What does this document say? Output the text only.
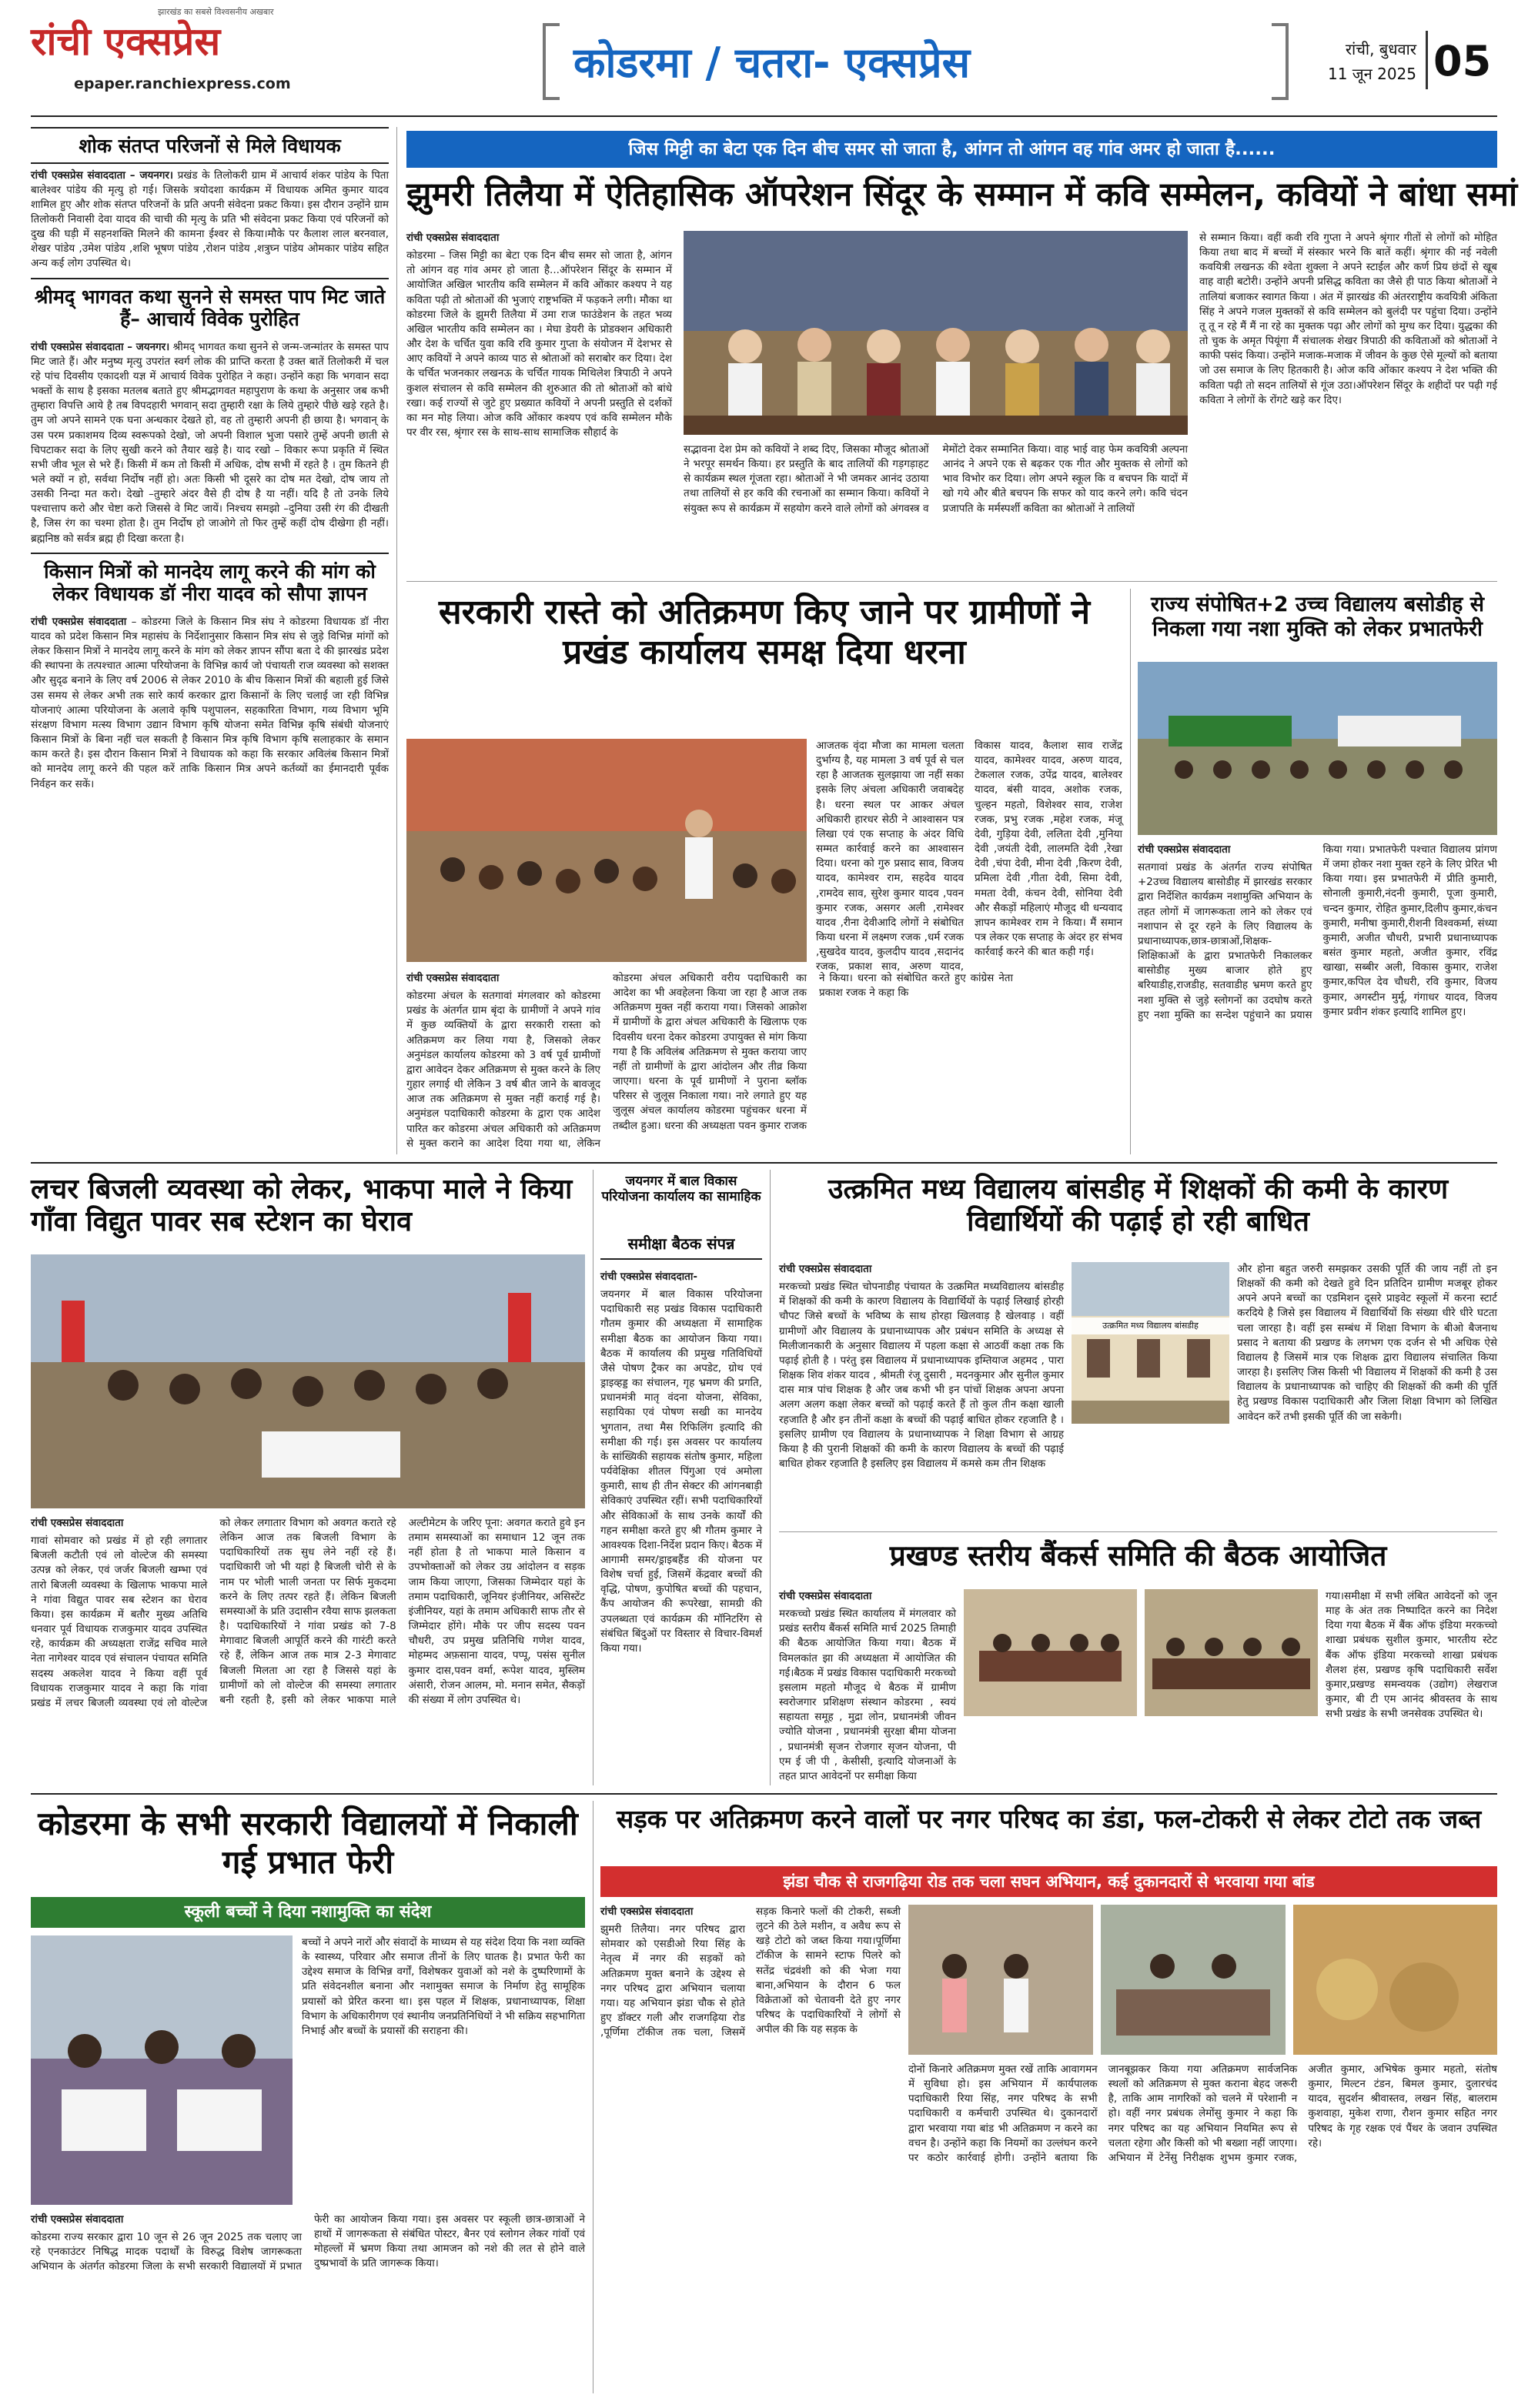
रांची एक्सप्रेस
झारखंड का सबसे विश्वसनीय अखबार
epaper.ranchiexpress.com	कोडरमा / चतरा- एक्सप्रेस	रांची, बुधवार
11 जून 2025 05
शोक संतप्त परिजनों से मिले विधायक
रांची एक्सप्रेस संवाददाता – जयनगर। प्रखंड के तिलोकरी ग्राम में आचार्य शंकर पांडेय के पिता बालेश्वर पांडेय की मृत्यु हो गई। जिसके त्रयोदशा कार्यक्रम में विधायक अमित कुमार यादव शामिल हुए और शोक संतप्त परिजनों के प्रति अपनी संवेदना प्रकट किया। इस दौरान उन्होंने ग्राम तिलोकरी निवासी देवा यादव की चाची की मृत्यु के प्रति भी संवेदना प्रकट किया एवं परिजनों को दुख की घड़ी में सहनशक्ति मिलने की कामना ईश्वर से किया।मौके पर कैलाश लाल बरनवाल, शेखर पांडेय ,उमेश पांडेय ,शशि भूषण पांडेय ,रोशन पांडेय ,शत्रुघ्न पांडेय ओमकार पांडेय सहित अन्य कई लोग उपस्थित थे।
श्रीमद् भागवत कथा सुनने से समस्त पाप मिट जाते हैं– आचार्य विवेक पुरोहित
रांची एक्सप्रेस संवाददाता – जयनगर। श्रीमद् भागवत कथा सुनने से जन्म-जन्मांतर के समस्त पाप मिट जाते हैं। और मनुष्य मृत्यु उपरांत स्वर्ग लोक की प्राप्ति करता है उक्त बातें तिलोकरी में चल रहे पांच दिवसीय एकादशी यज्ञ में आचार्य विवेक पुरोहित ने कहा। उन्होंने कहा कि भगवान सदा भक्तों के साथ है इसका मतलब बताते हुए श्रीमद्भागवत महापुराण के कथा के अनुसार जब कभी तुम्हारा विपत्ति आये है तब विपदहारी भगवान् सदा तुम्हारी रक्षा के लिये तुम्हारे पीछे खड़े रहते है। तुम जो अपने सामने एक घना अन्धकार देखते हो, वह तो तुम्हारी अपनी ही छाया है। भगवान् के उस परम प्रकाशमय दिव्य स्वरूपको देखो, जो अपनी विशाल भुजा पसारे तुम्हें अपनी छाती से चिपटाकर सदा के लिए सुखी करने को तैयार खड़े है। याद रखो – विकार रूपा प्रकृति में स्थित सभी जीव भूल से भरे हैं। किसी में कम तो किसी में अधिक, दोष सभी में रहते है । तुम कितने ही भले क्यों न हो, सर्वथा निर्दोष नहीं हो। अतः किसी भी दूसरे का दोष मत देखो, दोष जाय तो उसकी निन्दा मत करो। देखो –तुम्हारे अंदर वैसे ही दोष है या नहीं। यदि है तो उनके लिये पश्चात्ताप करो और चेष्टा करो जिससे वे मिट जायें। निश्चय समझो –दुनिया उसी रंग की दीखती है, जिस रंग का चश्मा होता है। तुम निर्दोष हो जाओगे तो फिर तुम्हें कहीं दोष दीखेगा ही नहीं। ब्रह्मनिष्ठ को सर्वत्र ब्रह्म ही दिखा करता है।
किसान मित्रों को मानदेय लागू करने की मांग को लेकर विधायक डॉ नीरा यादव को सौपा ज्ञापन
रांची एक्सप्रेस संवाददाता – कोडरमा जिले के किसान मित्र संघ ने कोडरमा विधायक डॉ नीरा यादव को प्रदेश किसान मित्र महासंघ के निर्देशानुसार किसान मित्र संघ से जुड़े विभिन्न मांगों को लेकर किसान मित्रों ने मानदेय लागू करने के मांग को लेकर ज्ञापन सौंपा बता दे की झारखंड प्रदेश की स्थापना के तत्पश्चात आत्मा परियोजना के विभिन्न कार्य जो पंचायती राज व्यवस्था को सशक्त और सुदृढ बनाने के लिए वर्ष 2006 से लेकर 2010 के बीच किसान मित्रों की बहाली हुई जिसे उस समय से लेकर अभी तक सारे कार्य करकार द्वारा किसानों के लिए चलाई जा रही विभिन्न योजनाएं आत्मा परियोजना के अलावे कृषि पशुपालन, सहकारिता विभाग, गव्य विभाग भूमि संरक्षण विभाग मत्स्य विभाग उद्यान विभाग कृषि योजना समेत विभिन्न कृषि संबंधी योजनाएं किसान मित्रों के बिना नहीं चल सकती है किसान मित्र कृषि विभाग कृषि सलाहकार के समान काम करते है। इस दौरान किसान मित्रों ने विधायक को कहा कि सरकार अविलंब किसान मित्रों को मानदेय लागू करने की पहल करें ताकि किसान मित्र अपने कर्तव्यों का ईमानदारी पूर्वक निर्वहन कर सकें।
जिस मिट्टी का बेटा एक दिन बीच समर सो जाता है, आंगन तो आंगन वह गांव अमर हो जाता है......
झुमरी तिलैया में ऐतिहासिक ऑपरेशन सिंदूर के सम्मान में कवि सम्मेलन, कवियों ने बांधा समां
रांची एक्सप्रेस संवाददाता
कोडरमा – जिस मिट्टी का बेटा एक दिन बीच समर सो जाता है, आंगन तो आंगन वह गांव अमर हो जाता है...ऑपरेशन सिंदूर के सम्मान में आयोजित अखिल भारतीय कवि सम्मेलन में कवि ओंकार कश्यप ने यह कविता पढ़ी तो श्रोताओं की भुजाएं राष्ट्रभक्ति में फड़कने लगी। मौका था कोडरमा जिले के झुमरी तिलैया में उमा राज फाउंडेशन के तहत भव्य अखिल भारतीय कवि सम्मेलन का । मेघा डेयरी के प्रोडक्शन अधिकारी और देश के चर्चित युवा कवि रवि कुमार गुप्ता के संयोजन में देशभर से आए कवियों ने अपने काव्य पाठ से श्रोताओं को सराबोर कर दिया। देश के चर्चित भजनकार लखनऊ के चर्चित गायक मिथिलेश त्रिपाठी ने अपने कुशल संचालन से कवि सम्मेलन की शुरुआत की तो श्रोताओं को बांधे रखा। कई राज्यों से जुटे हुए प्रख्यात कवियों ने अपनी प्रस्तुति से दर्शकों का मन मोह लिया। ओज कवि ओंकार कश्यप एवं कवि सम्मेलन मौके पर वीर रस, श्रृंगार रस के साथ-साथ सामाजिक सौहार्द के
सद्भावना देश प्रेम को कवियों ने शब्द दिए, जिसका मौजूद श्रोताओं ने भरपूर समर्थन किया। हर प्रस्तुति के बाद तालियों की गड़गड़ाहट से कार्यक्रम स्थल गूंजता रहा। श्रोताओं ने भी जमकर आनंद उठाया तथा तालियों से हर कवि की रचनाओं का सम्मान किया। कवियों ने संयुक्त रूप से कार्यक्रम में सहयोग करने वाले लोगों को अंगवस्त्र व मेमोंटो देकर सम्मानित किया। वाह भाई वाह फेम कवयित्री अल्पना आनंद ने अपने एक से बढ़कर एक गीत और मुक्तक से लोगों को भाव विभोर कर दिया। लोग अपने स्कूल कि व बचपन कि यादों में खो गये और बीते बचपन कि सफर को याद करने लगे। कवि चंदन प्रजापति के मर्मस्पर्शी कविता का श्रोताओं ने तालियों
से सम्मान किया। वहीं कवी रवि गुप्ता ने अपने श्रृंगार गीतों से लोगों को मोहित किया तथा बाद में बच्चों में संस्कार भरने कि बातें कहीं। श्रृंगार की नई नवेली कवयित्री लखनऊ की श्वेता शुक्ला ने अपने स्टाईल और कर्ण प्रिय छंदों से खूब वाह वाही बटोरी। उन्होंने अपनी प्रसिद्ध कविता का जैसे ही पाठ किया श्रोताओं ने तालियां बजाकर स्वागत किया । अंत में झारखंड की अंतरराष्ट्रीय कवयित्री अंकिता सिंह ने अपने गजल मुक्तकों से कवि सम्मेलन को बुलंदी पर पहुंचा दिया। उन्होंने तू तू न रहे मैं मैं ना रहे का मुक्तक पढ़ा और लोगों को मुग्ध कर दिया। युद्धका की तो चुक के अमृत पियूंगा मैं संचालक शेखर त्रिपाठी की कविताओं को श्रोताओं ने काफी पसंद किया। उन्होंने मजाक-मजाक में जीवन के कुछ ऐसे मूल्यों को बताया जो उस समाज के लिए हितकारी है। ओज कवि ओंकार कश्यप ने देश भक्ति की कविता पढ़ी तो सदन तालियों से गूंज उठा।ऑपरेशन सिंदूर के शहीदों पर पढ़ी गई कविता ने लोगों के रोंगटे खड़े कर दिए।
सरकारी रास्ते को अतिक्रमण किए जाने पर ग्रामीणों ने प्रखंड कार्यालय समक्ष दिया धरना
रांची एक्सप्रेस संवाददाता
कोडरमा अंचल के सतगावां मंगलवार को कोडरमा प्रखंड के अंतर्गत ग्राम बृंदा के ग्रामीणों ने अपने गांव में कुछ व्यक्तियों के द्वारा सरकारी रास्ता को अतिक्रमण कर लिया गया है, जिसको लेकर अनुमंडल कार्यालय कोडरमा को 3 वर्ष पूर्व ग्रामीणों द्वारा आवेदन देकर अतिक्रमण से मुक्त करने के लिए गुहार लगाई थी लेकिन 3 वर्ष बीत जाने के बावजूद आज तक अतिक्रमण से मुक्त नहीं कराई गई है। अनुमंडल पदाधिकारी कोडरमा के द्वारा एक आदेश पारित कर कोडरमा अंचल अधिकारी को अतिक्रमण से मुक्त कराने का आदेश दिया गया था, लेकिन कोडरमा अंचल अधिकारी वरीय पदाधिकारी का आदेश का भी अवहेलना किया जा रहा है आज तक अतिक्रमण मुक्त नहीं कराया गया। जिसको आक्रोश में ग्रामीणों के द्वारा अंचल अधिकारी के खिलाफ एक दिवसीय धरना देकर कोडरमा उपायुक्त से मांग किया गया है कि अविलंब अतिक्रमण से मुक्त कराया जाए नहीं तो ग्रामीणों के द्वारा आंदोलन और तीव्र किया जाएगा। धरना के पूर्व ग्रामीणों ने पुराना ब्लॉक परिसर से जुलूस निकाला गया। नारे लगाते हुए यह जुलूस अंचल कार्यालय कोडरमा पहुंचकर धरना में तब्दील हुआ। धरना की अध्यक्षता पवन कुमार राजक ने किया। धरना को संबोधित करते हुए कांग्रेस नेता प्रकाश रजक ने कहा कि
आजतक वृंदा मौजा का मामला चलता दुर्भाग्य है, यह मामला 3 वर्ष पूर्व से चल रहा है आजतक सुलझाया जा नहीं सका इसके लिए अंचला अधिकारी जवाबदेह है। धरना स्थल पर आकर अंचल अधिकारी हारधर सेठी ने आश्वासन पत्र लिखा एवं एक सप्ताह के अंदर विधि सम्मत कार्रवाई करने का आश्वासन दिया। धरना को गुरु प्रसाद साव, विजय यादव, कामेश्वर राम, सहदेव यादव ,रामदेव साव, सुरेश कुमार यादव ,पवन कुमार रजक, असगर अली ,रामेश्वर यादव ,रीना देवीआदि लोगों ने संबोधित किया धरना में लक्ष्मण रजक ,धर्म रजक ,सुखदेव यादव, कुलदीप यादव ,सदानंद रजक, प्रकाश साव, अरुण यादव, विकास यादव, कैलाश साव राजेंद्र यादव, कामेश्वर यादव, अरुण यादव, टेकलाल रजक, उपेंद्र यादव, बालेश्वर यादव, बंसी यादव, अशोक रजक, चुल्हन महतो, विशेश्वर साव, राजेश रजक, प्रभु रजक ,महेश रजक, मंजू देवी, गुड़िया देवी, ललिता देवी ,मुनिया देवी ,जयंती देवी, लालमति देवी ,रेखा देवी ,चंपा देवी, मीना देवी ,किरण देवी, प्रमिला देवी ,गीता देवी, सिमा देवी, ममता देवी, कंचन देवी, सोनिया देवी और सैकड़ों महिलाएं मौजूद थी धन्यवाद ज्ञापन कामेश्वर राम ने किया। मैं समान पत्र लेकर एक सप्ताह के अंदर हर संभव कार्रवाई करने की बात कही गई।
राज्य संपोषित+2 उच्च विद्यालय बसोडीह से निकला गया नशा मुक्ति को लेकर प्रभातफेरी
रांची एक्सप्रेस संवाददाता
सतगावां प्रखंड के अंतर्गत राज्य संपोषित +2उच्च विद्यालय बासोडीह में झारखंड सरकार द्वारा निर्देशित कार्यक्रम नशामुक्ति अभियान के तहत लोगों में जागरूकता लाने को लेकर एवं नशापान से दूर रहने के लिए विद्यालय के प्रधानाध्यापक,छात्र-छात्राओं,शिक्षक-शिक्षिकाओं के द्वारा प्रभातफेरी निकालकर बासोडीह मुख्य बाजार होते हुए बरियाडीह,राजडीह, सतवाडीह भ्रमण करते हुए नशा मुक्ति से जुड़े स्लोगनों का उदघोष करते हुए नशा मुक्ति का सन्देश पहुंचाने का प्रयास किया गया। प्रभातफेरी पश्चात विद्यालय प्रांगण में जमा होकर नशा मुक्त रहने के लिए प्रेरित भी किया गया। इस प्रभातफेरी में प्रीति कुमारी, सोनाली कुमारी,नंदनी कुमारी, पूजा कुमारी, चन्दन कुमार, रोहित कुमार,दिलीप कुमार,कंचन कुमारी, मनीषा कुमारी,रीशनी विश्वकर्मा, संध्या कुमारी, अजीत चौधरी, प्रभारी प्रधानाध्यापक बसंत कुमार महतो, अजीत कुमार, रविंद्र खाखा, सब्बीर अली, विकास कुमार, राजेश कुमार,कपिल देव चौधरी, रवि कुमार, विजय कुमार, अगस्टीन मुर्मू, गंगाधर यादव, विजय कुमार प्रवीन शंकर इत्यादि शामिल हुए।
लचर बिजली व्यवस्था को लेकर, भाकपा माले ने किया गाँवा विद्युत पावर सब स्टेशन का घेराव
रांची एक्सप्रेस संवाददाता
गावां सोमवार को प्रखंड में हो रही लगातार बिजली कटौती एवं लो वोल्टेज की समस्या उत्पन्न को लेकर, एवं जर्जर बिजली खम्भा एवं तारो बिजली व्यवस्था के खिलाफ भाकपा माले ने गांवा विद्युत पावर सब स्टेशन का घेराव किया। इस कार्यक्रम में बतौर मुख्य अतिथि धनवार पूर्व विधायक राजकुमार यादव उपस्थित रहे, कार्यक्रम की अध्यक्षता राजेंद्र सचिव माले नेता नागेश्वर यादव एवं संचालन पंचायत समिति सदस्य अकलेश यादव ने किया वहीं पूर्व विधायक राजकुमार यादव ने कहा कि गांवा प्रखंड में लचर बिजली व्यवस्था एवं लो वोल्टेज को लेकर लगातार विभाग को अवगत कराते रहे लेकिन आज तक बिजली विभाग के पदाधिकारियों तक सुध लेने नहीं रहे हैं। पदाधिकारी जो भी यहां है बिजली चोरी से के नाम पर भोली भाली जनता पर सिर्फ मुकदमा करने के लिए तत्पर रहते हैं। लेकिन बिजली समस्याओं के प्रति उदासीन रवैया साफ झलकता है। पदाधिकारियों ने गांवा प्रखंड को 7-8 मेगावाट बिजली आपूर्ति करने की गारंटी करते रहे हैं, लेकिन आज तक मात्र 2-3 मेगावाट बिजली मिलता आ रहा है जिससे यहां के ग्रामीणों को लो वोल्टेज की समस्या लगातार बनी रहती है, इसी को लेकर भाकपा माले अल्टीमेटम के जरिए पूना: अवगत कराते हुवे इन तमाम समस्याओं का समाधान 12 जून तक नहीं होता है तो भाकपा माले किसान व उपभोक्ताओं को लेकर उग्र आंदोलन व सड़क जाम किया जाएगा, जिसका जिम्मेदार यहां के तमाम पदाधिकारी, जूनियर इंजीनियर, असिस्टेंट इंजीनियर, यहां के तमाम अधिकारी साफ तौर से जिम्मेदार होंगे। मौके पर जीप सदस्य पवन चौधरी, उप प्रमुख प्रतिनिधि गणेश यादव, मोहम्मद अफ़साना यादव, पप्पू, पसंस सुनील कुमार दास,पवन वर्मा, रूपेश यादव, मुस्लिम अंसारी, रोजन आलम, मो. मनान समेत, सैकड़ों की संख्या में लोग उपस्थित थे।
जयनगर में बाल विकास परियोजना कार्यालय का सामाहिक
समीक्षा बैठक संपन्न
रांची एक्सप्रेस संवाददाता-
जयनगर में बाल विकास परियोजना पदाधिकारी सह प्रखंड विकास पदाधिकारी गौतम कुमार की अध्यक्षता में सामाहिक समीक्षा बैठक का आयोजन किया गया। बैठक में कार्यालय की प्रमुख गतिविधियों जैसे पोषण ट्रैकर का अपडेट, ग्रोथ एवं ड्राइव्हड्ड का संचालन, गृह भ्रमण की प्रगति, प्रधानमंत्री मातृ वंदना योजना, सेविका, सहायिका एवं पोषण सखी का मानदेय भुगतान, तथा मैस रिफिलिंग इत्यादि की समीक्षा की गई। इस अवसर पर कार्यालय के सांख्यिकी सहायक संतोष कुमार, महिला पर्यवेक्षिका शीतल पिंगुआ एवं अमोला कुमारी, साथ ही तीन सेक्टर की आंगनबाड़ी सेविकाएं उपस्थित रहीं। सभी पदाधिकारियों और सेविकाओं के साथ उनके कार्यों की गहन समीक्षा करते हुए श्री गौतम कुमार ने आवश्यक दिशा-निर्देश प्रदान किए। बैठक में आगामी समर/ड्राइबहैंड की योजना पर विशेष चर्चा हुई, जिसमें केंद्रवार बच्चों की वृद्धि, पोषण, कुपोषित बच्चों की पहचान, कैंप आयोजन की रूपरेखा, सामग्री की उपलब्धता एवं कार्यक्रम की मॉनिटरिंग से संबंधित बिंदुओं पर विस्तार से विचार-विमर्श किया गया।
उत्क्रमित मध्य विद्यालय बांसडीह में शिक्षकों की कमी के कारण विद्यार्थियों की पढ़ाई हो रही बाधित
रांची एक्सप्रेस संवाददाता
मरकच्चो प्रखंड स्थित चोपनाडीह पंचायत के उत्क्रमित मध्यविद्यालय बांसडीह में शिक्षकों की कमी के कारण विद्यालय के विद्यार्थियों के पढ़ाई लिखाई होरही चौपट जिसे बच्चों के भविष्य के साथ होरहा खिलवाड़ है खेलवाड़ । वहीं ग्रामीणों और विद्यालय के प्रधानाध्यापक और प्रबंधन समिति के अध्यक्ष से मिलीजानकारी के अनुसार विद्यालय में पहला कक्षा से आठवीं कक्षा तक कि पढ़ाई होती है । परंतु इस विद्यालय में प्रधानाध्यापक इम्तियाज अहमद , पारा शिक्षक शिव शंकर यादव , श्रीमती रंजू दुसारी , मदनकुमार और सुनील कुमार दास मात्र पांच शिक्षक है और जब कभी भी इन पांचों शिक्षक अपना अपना अलग अलग कक्षा लेकर बच्चों को पढ़ाई करते हैं तो कुल तीन कक्षा खाली रहजाति है और इन तीनों कक्षा के बच्चों की पढ़ाई बाधित होकर रहजाति है । इसलिए ग्रामीण एव विद्यालय के प्रधानाध्यापक ने शिक्षा विभाग से आग्रह किया है की पुरानी शिक्षकों की कमी के कारण विद्यालय के बच्चों की पढ़ाई बाधित होकर रहजाति है इसलिए इस विद्यालय में कमसे कम तीन शिक्षक
उत्क्रमित मध्य विद्यालय बांसडीह
और होना बहुत जरुरी समझकर उसकी पूर्ति की जाय नहीं तो इन शिक्षकों की कमी को देखते हुवे दिन प्रतिदिन ग्रामीण मजबूर होकर अपने अपने बच्चों का एडमिशन दूसरे प्राइवेट स्कूलों में करना स्टार्ट करदिये है जिसे इस विद्यालय में विद्यार्थियों कि संख्या धीरे धीरे घटता चला जारहा है। वहीं इस सम्बंध में शिक्षा विभाग के बीओ बैजनाथ प्रसाद ने बताया की प्रखण्ड के लगभग एक दर्जन से भी अधिक ऐसे विद्यालय है जिसमें मात्र एक शिक्षक द्वारा विद्यालय संचालित किया जारहा है। इसलिए जिस किसी भी विद्यालय में शिक्षकों की कमी है उस विद्यालय के प्रधानाध्यापक को चाहिए की शिक्षकों की कमी की पूर्ति हेतु प्रखण्ड विकास पदाधिकारी और जिला शिक्षा विभाग को लिखित आवेदन करें तभी इसकी पूर्ति की जा सकेगी।
प्रखण्ड स्तरीय बैंकर्स समिति की बैठक आयोजित
रांची एक्सप्रेस संवाददाता
मरकच्चो प्रखंड स्थित कार्यालय में मंगलवार को प्रखंड स्तरीय बैंकर्स समिति मार्च 2025 तिमाही की बैठक आयोजित किया गया। बैठक में विमलकांत झा की अध्यक्षता में आयोजित की गई।बैठक में प्रखंड विकास पदाधिकारी मरकच्चो इसलाम महतो मौजूद थे बैठक में ग्रामीण स्वरोजगार प्रशिक्षण संस्थान कोडरमा , स्वयं सहायता समूह , मुद्रा लोन, प्रधानमंत्री जीवन ज्योति योजना , प्रधानमंत्री सुरक्षा बीमा योजना , प्रधानमंत्री सृजन रोजगार सृजन योजना, पी एम ई जी पी , केसीसी, इत्यादि योजनाओं के तहत प्राप्त आवेदनों पर समीक्षा किया
गया।समीक्षा में सभी लंबित आवेदनों को जून माह के अंत तक निष्पादित करने का निदेश दिया गया बैठक में बैंक ऑफ इंडिया मरकच्चो शाखा प्रबंधक सुशील कुमार, भारतीय स्टेट बैंक ऑफ इंडिया मरकच्चो शाखा प्रबंधक शैलश हंस, प्रखण्ड कृषि पदाधिकारी सर्वेश कुमार,प्रखण्ड समन्वयक (उद्योग) लेखराज कुमार, बी टी एम आनंद श्रीवस्तव के साथ सभी प्रखंड के सभी जनसेवक उपस्थित थे।
कोडरमा के सभी सरकारी विद्यालयों में निकाली गई प्रभात फेरी
स्कूली बच्चों ने दिया नशामुक्ति का संदेश
बच्चों ने अपने नारों और संवादों के माध्यम से यह संदेश दिया कि नशा व्यक्ति के स्वास्थ्य, परिवार और समाज तीनों के लिए घातक है। प्रभात फेरी का उद्देश्य समाज के विभिन्न वर्गों, विशेषकर युवाओं को नशे के दुष्परिणामों के प्रति संवेदनशील बनाना और नशामुक्त समाज के निर्माण हेतु सामूहिक प्रयासों को प्रेरित करना था। इस पहल में शिक्षक, प्रधानाध्यापक, शिक्षा विभाग के अधिकारीगण एवं स्थानीय जनप्रतिनिधियों ने भी सक्रिय सहभागिता निभाई और बच्चों के प्रयासों की सराहना की।
रांची एक्सप्रेस संवाददाता
कोडरमा राज्य सरकार द्वारा 10 जून से 26 जून 2025 तक चलाए जा रहे एनकाउंटर निषिद्ध मादक पदार्थों के विरुद्ध विशेष जागरूकता अभियान के अंतर्गत कोडरमा जिला के सभी सरकारी विद्यालयों में प्रभात फेरी का आयोजन किया गया। इस अवसर पर स्कूली छात्र-छात्राओं ने हाथों में जागरूकता से संबंधित पोस्टर, बैनर एवं स्लोगन लेकर गांवों एवं मोहल्लों में भ्रमण किया तथा आमजन को नशे की लत से होने वाले दुष्प्रभावों के प्रति जागरूक किया।
सड़क पर अतिक्रमण करने वालों पर नगर परिषद का डंडा, फल-टोकरी से लेकर टोटो तक जब्त
झंडा चौक से राजगढ़िया रोड तक चला सघन अभियान, कई दुकानदारों से भरवाया गया बांड
रांची एक्सप्रेस संवाददाता
झुमरी तिलैया। नगर परिषद द्वारा सोमवार को एसडीओ रिया सिंह के नेतृत्व में नगर की सड़कों को अतिक्रमण मुक्त बनाने के उद्देश्य से नगर परिषद द्वारा अभियान चलाया गया। यह अभियान झंडा चौक से होते हुए डॉक्टर गली और राजगढ़िया रोड ,पूर्णिमा टॉकीज तक चला, जिसमें सड़क किनारे फलों की टोकरी, सब्जी लुटने की ठेले मशीन, व अवैध रूप से खड़े टोटो को जब्त किया गया।पूर्णिमा टॉकीज के सामने स्टाफ पिलरे को सतेंद्र चंद्रवंशी को की भेजा गया बाना,अभियान के दौरान 6 फल विक्रेताओं को चेतावनी देते हुए नगर परिषद के पदाधिकारियों ने लोगों से अपील की कि यह सड़क के
दोनों किनारे अतिक्रमण मुक्त रखें ताकि आवागमन में सुविधा हो। इस अभियान में कार्यपालक पदाधिकारी रिया सिंह, नगर परिषद के सभी पदाधिकारी व कर्मचारी उपस्थित थे। दुकानदारों द्वारा भरवाया गया बांड भी अतिक्रमण न करने का वचन है। उन्होंने कहा कि नियमों का उल्लंघन करने पर कठोर कार्रवाई होगी। उन्होंने बताया कि जानबूझकर किया गया अतिक्रमण सार्वजनिक स्थलों को अतिक्रमण से मुक्त कराना बेहद जरूरी है, ताकि आम नागरिकों को चलने में परेशानी न हो। वहीं नगर प्रबंधक लेमोंसु कुमार ने कहा कि नगर परिषद का यह अभियान नियमित रूप से चलता रहेगा और किसी को भी बख्शा नहीं जाएगा।अभियान में टेनेंसु निरीक्षक शुभम कुमार रजक, अजीत कुमार, अभिषेक कुमार महतो, संतोष कुमार, मिल्टन टंडन, बिमल कुमार, दुलारचंद यादव, सुदर्शन श्रीवास्तव, लखन सिंह, बालराम कुशवाहा, मुकेश राणा, रौशन कुमार सहित नगर परिषद के गृह रक्षक एवं पैंथर के जवान उपस्थित रहे।
